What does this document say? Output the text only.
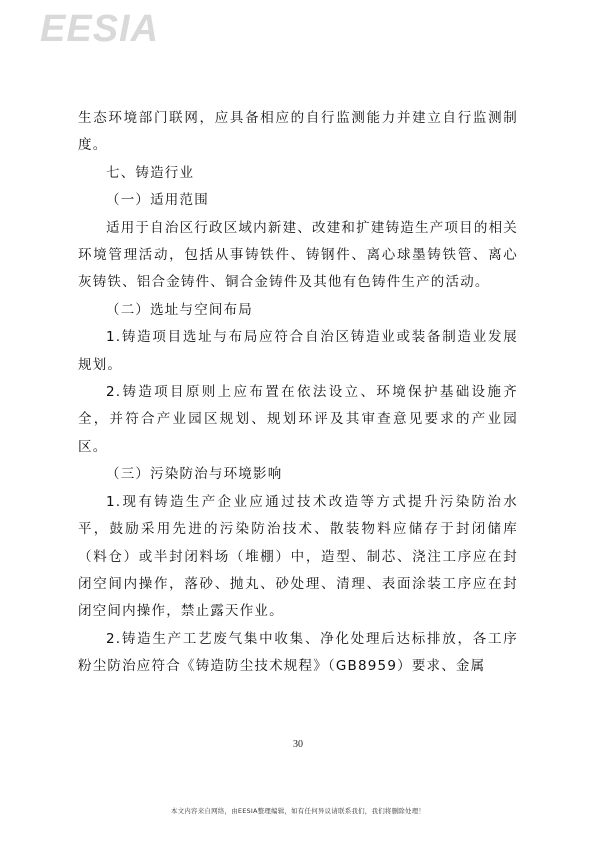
EESIA

生态环境部门联网，应具备相应的自行监测能力并建立自行监测制度。

七、铸造行业

（一）适用范围

适用于自治区行政区域内新建、改建和扩建铸造生产项目的相关环境管理活动，包括从事铸铁件、铸钢件、离心球墨铸铁管、离心灰铸铁、铝合金铸件、铜合金铸件及其他有色铸件生产的活动。

（二）选址与空间布局

1.铸造项目选址与布局应符合自治区铸造业或装备制造业发展规划。

2.铸造项目原则上应布置在依法设立、环境保护基础设施齐全，并符合产业园区规划、规划环评及其审查意见要求的产业园区。

（三）污染防治与环境影响

1.现有铸造生产企业应通过技术改造等方式提升污染防治水平，鼓励采用先进的污染防治技术、散装物料应储存于封闭储库（料仓）或半封闭料场（堆棚）中，造型、制芯、浇注工序应在封闭空间内操作，落砂、抛丸、砂处理、清理、表面涂装工序应在封闭空间内操作，禁止露天作业。

2.铸造生产工艺废气集中收集、净化处理后达标排放，各工序粉尘防治应符合《铸造防尘技术规程》（GB8959）要求、金属

30
本文内容来自网络，由EESIA整理编辑，如有任何异议请联系我们，我们将删除处理！
